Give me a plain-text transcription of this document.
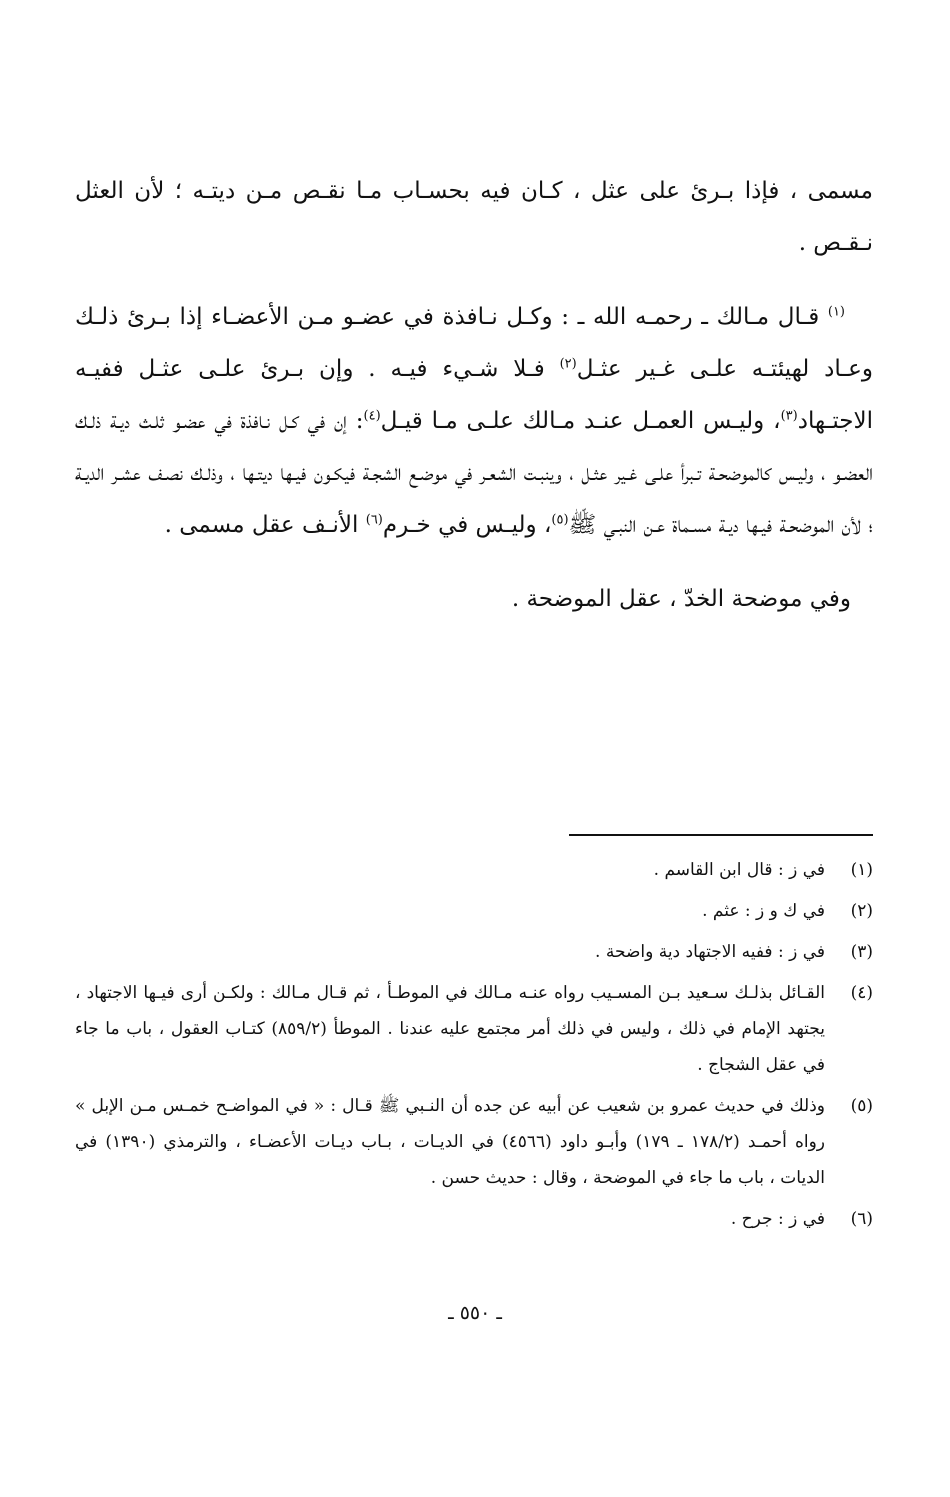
مسمى ، فإذا بـرئ على عثل ، كـان فيه بحسـاب مـا نقـص مـن ديتـه ؛ لأن العثل نـقـص .

$^{(١)}$ قـال مـالك ـ رحمـه الله ـ : وكـل نـافذة في عضـو مـن الأعضـاء إذا بـرئ ذلـك وعـاد لهيئتـه علـى غـير عثـل$^{(٢)}$ فـلا شـيء فيـه . وإن بـرئ علـى عثـل ففيـه الاجتـهاد$^{(٣)}$، وليـس العمـل عنـد مـالك علـى مـا قيـل$^{(٤)}$: إن في كـل نـافذة في عضـو ثلـث ديـة ذلـك العضـو ، وليـس كالموضحـة تـبرأ علـى غـير عثـل ، وينبـت الشعـر في موضـع الشجـة فيكـون فيـها ديتـها ، وذلـك نصـف عشـر الديـة ؛ لأن الموضحـة فيـها ديـة مسـماة عـن النبـي ﷺ$^{(٥)}$، وليـس في خـرم$^{(٦)}$ الأنـف عقل مسمى .

وفي موضحة الخدّ ، عقل الموضحة .

(١)
في ز : قال ابن القاسم .
(٢)
في ك و ز : عثم .
(٣)
في ز : ففيه الاجتهاد دية واضحة .
(٤)
القـائل بذلـك سـعيد بـن المسـيب رواه عنـه مـالك في الموطـأ ، ثم قـال مـالك : ولكـن أرى فيـها الاجتهاد ، يجتهد الإمام في ذلك ، وليس في ذلك أمر مجتمع عليه عندنا . الموطأ (٨٥٩/٢) كتـاب العقول ، باب ما جاء في عقل الشجاج .
(٥)
وذلك في حديث عمرو بن شعيب عن أبيه عن جده أن النـبي ﷺ قـال : « في المواضـح خمـس مـن الإبل » رواه أحمـد (١٧٨/٢ ـ ١٧٩) وأبـو داود (٤٥٦٦) في الديـات ، بـاب ديـات الأعضـاء ، والترمذي (١٣٩٠) في الديات ، باب ما جاء في الموضحة ، وقال : حديث حسن .
(٦)
في ز : جرح .
ـ ٥٥٠ ـ
